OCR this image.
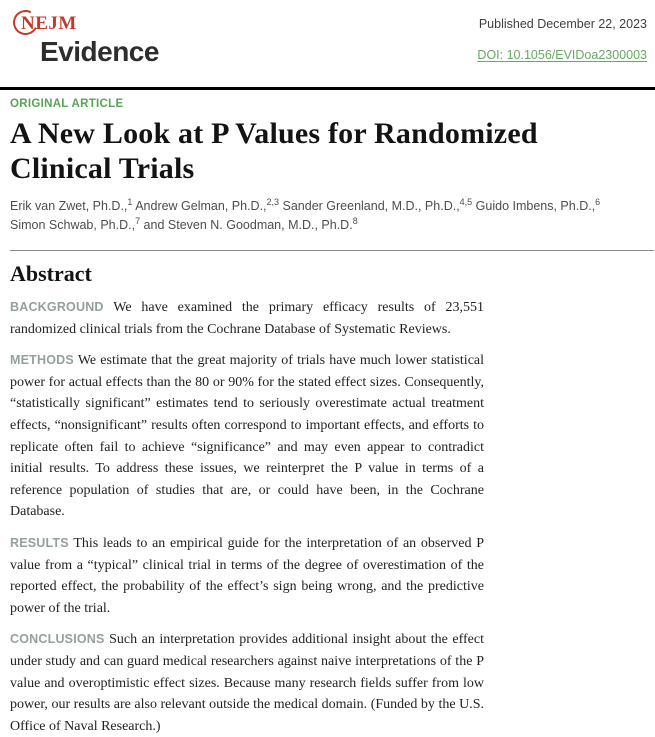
NEJM
Evidence
Published December 22, 2023
DOI: 10.1056/EVIDoa2300003
ORIGINAL ARTICLE
A New Look at P Values for Randomized
Clinical Trials
Erik van Zwet, Ph.D.,$^1$ Andrew Gelman, Ph.D.,$^{2,3}$ Sander Greenland, M.D., Ph.D.,$^{4,5}$ Guido Imbens, Ph.D.,$^6$
Simon Schwab, Ph.D.,$^7$ and Steven N. Goodman, M.D., Ph.D.$^8$
Abstract

BACKGROUND We have examined the primary efficacy results of 23,551 randomized clinical trials from the Cochrane Database of Systematic Reviews.

METHODS We estimate that the great majority of trials have much lower statistical power for actual effects than the 80 or 90% for the stated effect sizes. Consequently, “statistically significant” estimates tend to seriously overestimate actual treatment effects, “nonsignificant” results often correspond to important effects, and efforts to replicate often fail to achieve “significance” and may even appear to contradict initial results. To address these issues, we reinterpret the P value in terms of a reference population of studies that are, or could have been, in the Cochrane Database.

RESULTS This leads to an empirical guide for the interpretation of an observed P value from a “typical” clinical trial in terms of the degree of overestimation of the reported effect, the probability of the effect’s sign being wrong, and the predictive power of the trial.

CONCLUSIONS Such an interpretation provides additional insight about the effect under study and can guard medical researchers against naive interpretations of the P value and overoptimistic effect sizes. Because many research fields suffer from low power, our results are also relevant outside the medical domain. (Funded by the U.S. Office of Naval Research.)
